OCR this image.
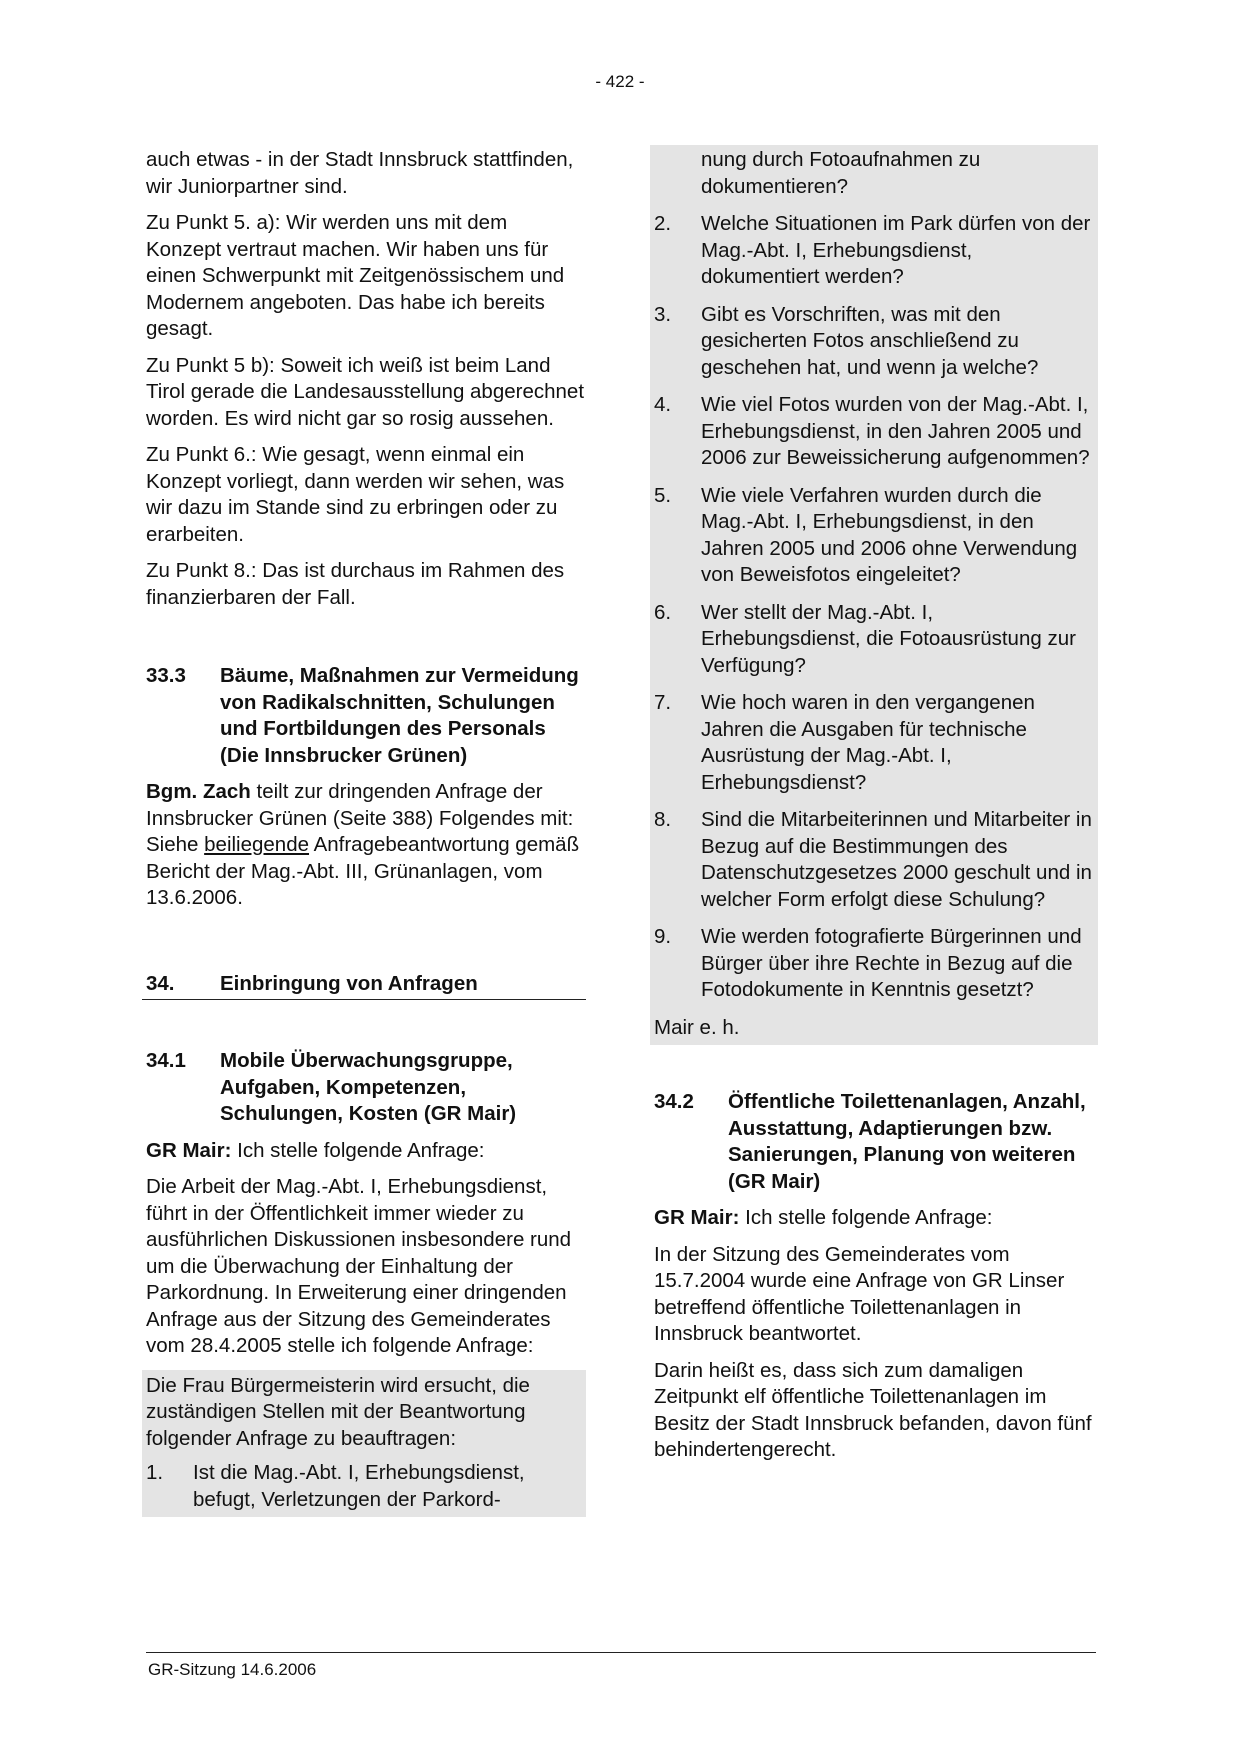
- 422 -

auch etwas - in der Stadt Innsbruck stattfinden, wir Juniorpartner sind.

Zu Punkt 5. a): Wir werden uns mit dem Konzept vertraut machen. Wir haben uns für einen Schwerpunkt mit Zeitgenössischem und Modernem angeboten. Das habe ich bereits gesagt.

Zu Punkt 5 b): Soweit ich weiß ist beim Land Tirol gerade die Landesausstellung abgerechnet worden. Es wird nicht gar so rosig aussehen.

Zu Punkt 6.: Wie gesagt, wenn einmal ein Konzept vorliegt, dann werden wir sehen, was wir dazu im Stande sind zu erbringen oder zu erarbeiten.

Zu Punkt 8.: Das ist durchaus im Rahmen des finanzierbaren der Fall.

33.3	Bäume, Maßnahmen zur Vermeidung von Radikalschnitten, Schulungen und Fortbildungen des Personals (Die Innsbrucker Grünen)

Bgm. Zach teilt zur dringenden Anfrage der Innsbrucker Grünen (Seite 388) Folgendes mit: Siehe beiliegende Anfragebeantwortung gemäß Bericht der Mag.-Abt. III, Grünanlagen, vom 13.6.2006.

34.	Einbringung von Anfragen
34.1	Mobile Überwachungsgruppe, Aufgaben, Kompetenzen, Schulungen, Kosten (GR Mair)

GR Mair: Ich stelle folgende Anfrage:

Die Arbeit der Mag.-Abt. I, Erhebungsdienst, führt in der Öffentlichkeit immer wieder zu ausführlichen Diskussionen insbesondere rund um die Überwachung der Einhaltung der Parkordnung. In Erweiterung einer dringenden Anfrage aus der Sitzung des Gemeinderates vom 28.4.2005 stelle ich folgende Anfrage:

Die Frau Bürgermeisterin wird ersucht, die zuständigen Stellen mit der Beantwortung folgender Anfrage zu beauftragen:

1.	Ist die Mag.-Abt. I, Erhebungsdienst, befugt, Verletzungen der Parkord-
nung durch Fotoaufnahmen zu dokumentieren?
2.	Welche Situationen im Park dürfen von der Mag.-Abt. I, Erhebungsdienst, dokumentiert werden?
3.	Gibt es Vorschriften, was mit den gesicherten Fotos anschließend zu geschehen hat, und wenn ja welche?
4.	Wie viel Fotos wurden von der Mag.-Abt. I, Erhebungsdienst, in den Jahren 2005 und 2006 zur Beweissicherung aufgenommen?
5.	Wie viele Verfahren wurden durch die Mag.-Abt. I, Erhebungsdienst, in den Jahren 2005 und 2006 ohne Verwendung von Beweisfotos eingeleitet?
6.	Wer stellt der Mag.-Abt. I, Erhebungsdienst, die Fotoausrüstung zur Verfügung?
7.	Wie hoch waren in den vergangenen Jahren die Ausgaben für technische Ausrüstung der Mag.-Abt. I, Erhebungsdienst?
8.	Sind die Mitarbeiterinnen und Mitarbeiter in Bezug auf die Bestimmungen des Datenschutzgesetzes 2000 geschult und in welcher Form erfolgt diese Schulung?
9.	Wie werden fotografierte Bürgerinnen und Bürger über ihre Rechte in Bezug auf die Fotodokumente in Kenntnis gesetzt?

Mair e. h.

34.2	Öffentliche Toilettenanlagen, Anzahl, Ausstattung, Adaptierungen bzw. Sanierungen, Planung von weiteren (GR Mair)

GR Mair: Ich stelle folgende Anfrage:

In der Sitzung des Gemeinderates vom 15.7.2004 wurde eine Anfrage von GR Linser betreffend öffentliche Toilettenanlagen in Innsbruck beantwortet.

Darin heißt es, dass sich zum damaligen Zeitpunkt elf öffentliche Toilettenanlagen im Besitz der Stadt Innsbruck befanden, davon fünf behindertengerecht.

GR-Sitzung 14.6.2006
